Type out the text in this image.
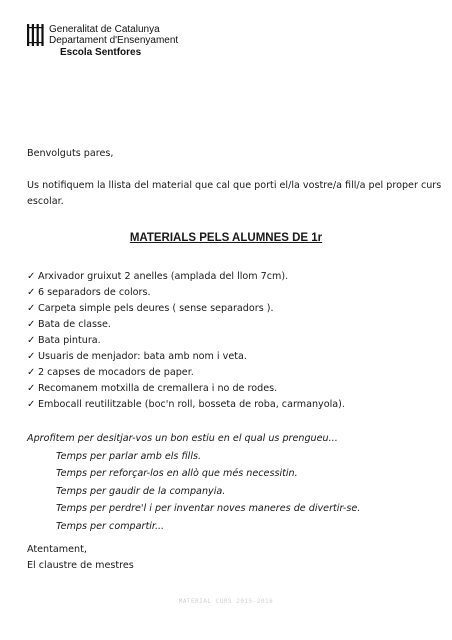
Generalitat de Catalunya
Departament d'Ensenyament
Escola Sentfores
Benvolguts pares,
Us notifiquem la llista del material que cal que porti el/la vostre/a fill/a pel proper curs
escolar.
MATERIALS PELS ALUMNES DE 1r
✓ Arxivador gruixut 2 anelles (amplada del llom 7cm).
✓ 6 separadors de colors.
✓ Carpeta simple pels deures ( sense separadors ).
✓ Bata de classe.
✓ Bata pintura.
✓ Usuaris de menjador: bata amb nom i veta.
✓ 2 capses de mocadors de paper.
✓ Recomanem motxilla de cremallera i no de rodes.
✓ Embocall reutilitzable (boc'n roll, bosseta de roba, carmanyola).
Aprofitem per desitjar-vos un bon estiu en el qual us prengueu...
Temps per parlar amb els fills.
Temps per reforçar-los en allò que més necessitin.
Temps per gaudir de la companyia.
Temps per perdre'l i per inventar noves maneres de divertir-se.
Temps per compartir...
Atentament,
El claustre de mestres
MATERIAL CURS 2015-2016
